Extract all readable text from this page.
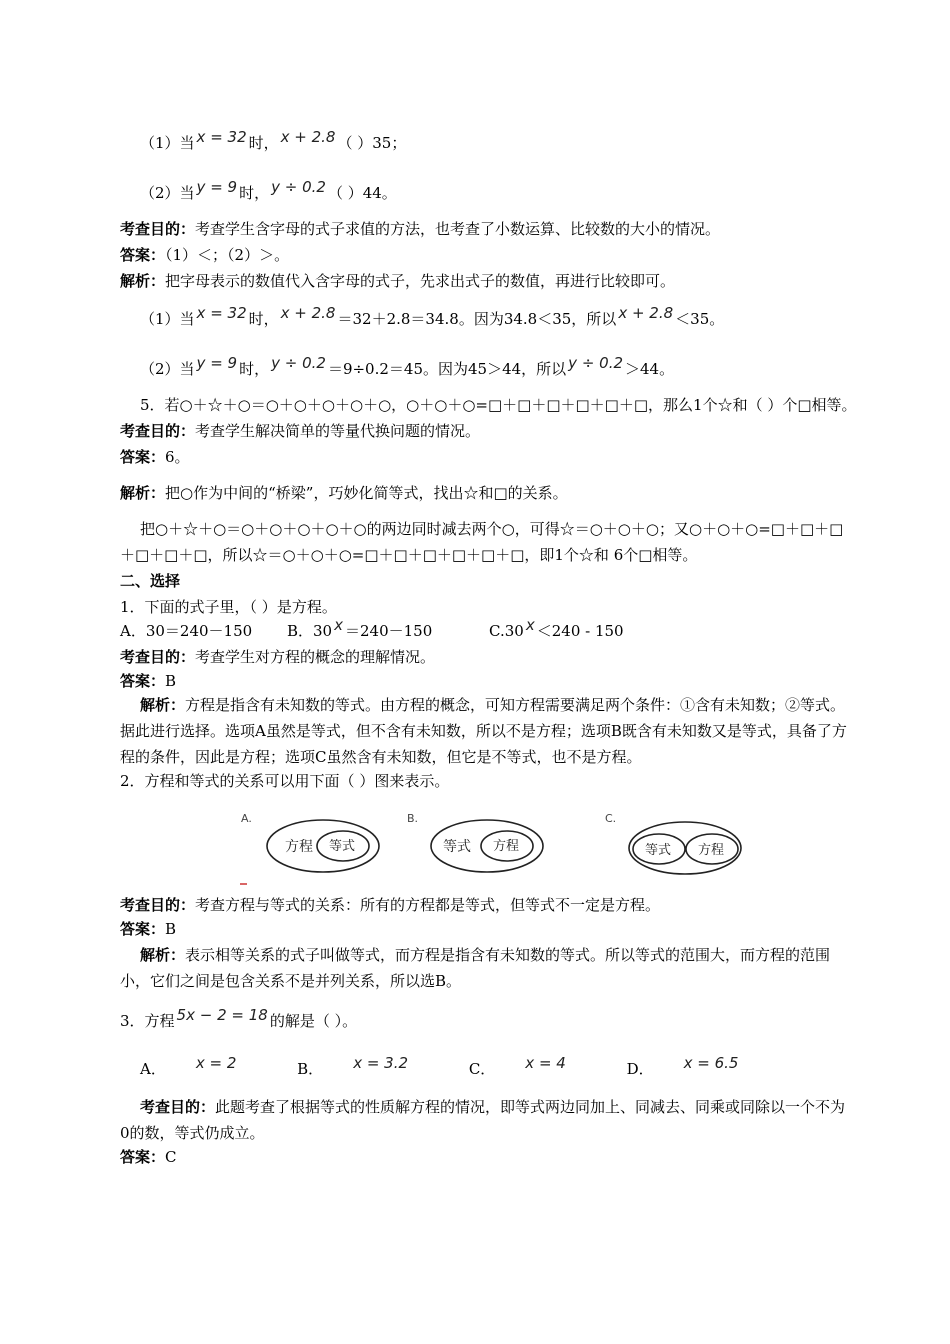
（1）当 x = 32 时， x + 2.8 （ ）35；
（2）当 y = 9 时， y ÷ 0.2 （ ）44。
考查目的：考查学生含字母的式子求值的方法，也考查了小数运算、比较数的大小的情况。
答案：（1）＜；（2）＞。
解析：把字母表示的数值代入含字母的式子，先求出式子的数值，再进行比较即可。
（1）当 x = 32 时， x + 2.8 ＝32＋2.8＝34.8。因为34.8＜35，所以 x + 2.8 ＜35。
（2）当 y = 9 时， y ÷ 0.2 ＝9÷0.2＝45。因为45＞44，所以 y ÷ 0.2 ＞44。
5．若○＋☆＋○＝○＋○＋○＋○＋○，○＋○＋○=□＋□＋□＋□＋□＋□，那么1个☆和（ ）个□相等。
考查目的：考查学生解决简单的等量代换问题的情况。
答案：6。
解析：把○作为中间的“桥梁”，巧妙化简等式，找出☆和□的关系。
把○＋☆＋○＝○＋○＋○＋○＋○的两边同时减去两个○，可得☆＝○＋○＋○；又○＋○＋○=□＋□＋□＋□＋□＋□，所以☆＝○＋○＋○=□＋□＋□＋□＋□＋□，即1个☆和 6个□相等。
二、选择
1．下面的式子里，（ ）是方程。
A．30＝240－150 B．30 x ＝240－150	C.30 x ＜240 - 150
考查目的：考查学生对方程的概念的理解情况。
答案：B
解析：方程是指含有未知数的等式。由方程的概念，可知方程需要满足两个条件：①含有未知数；②等式。据此进行选择。选项A虽然是等式，但不含有未知数，所以不是方程；选项B既含有未知数又是等式，具备了方程的条件，因此是方程；选项C虽然含有未知数，但它是不等式，也不是方程。
2．方程和等式的关系可以用下面（ ）图来表示。
A.
方程 等式
B.
等式 方程
C.
等式 方程
考查目的：考查方程与等式的关系：所有的方程都是等式，但等式不一定是方程。
答案：B
解析：表示相等关系的式子叫做等式，而方程是指含有未知数的等式。所以等式的范围大，而方程的范围小，它们之间是包含关系不是并列关系，所以选B。
3．方程 5x − 2 = 18 的解是（ ）。
A． x = 2	B． x = 3.2	C． x = 4	D． x = 6.5
考查目的：此题考查了根据等式的性质解方程的情况，即等式两边同加上、同减去、同乘或同除以一个不为0的数，等式仍成立。
答案：C
